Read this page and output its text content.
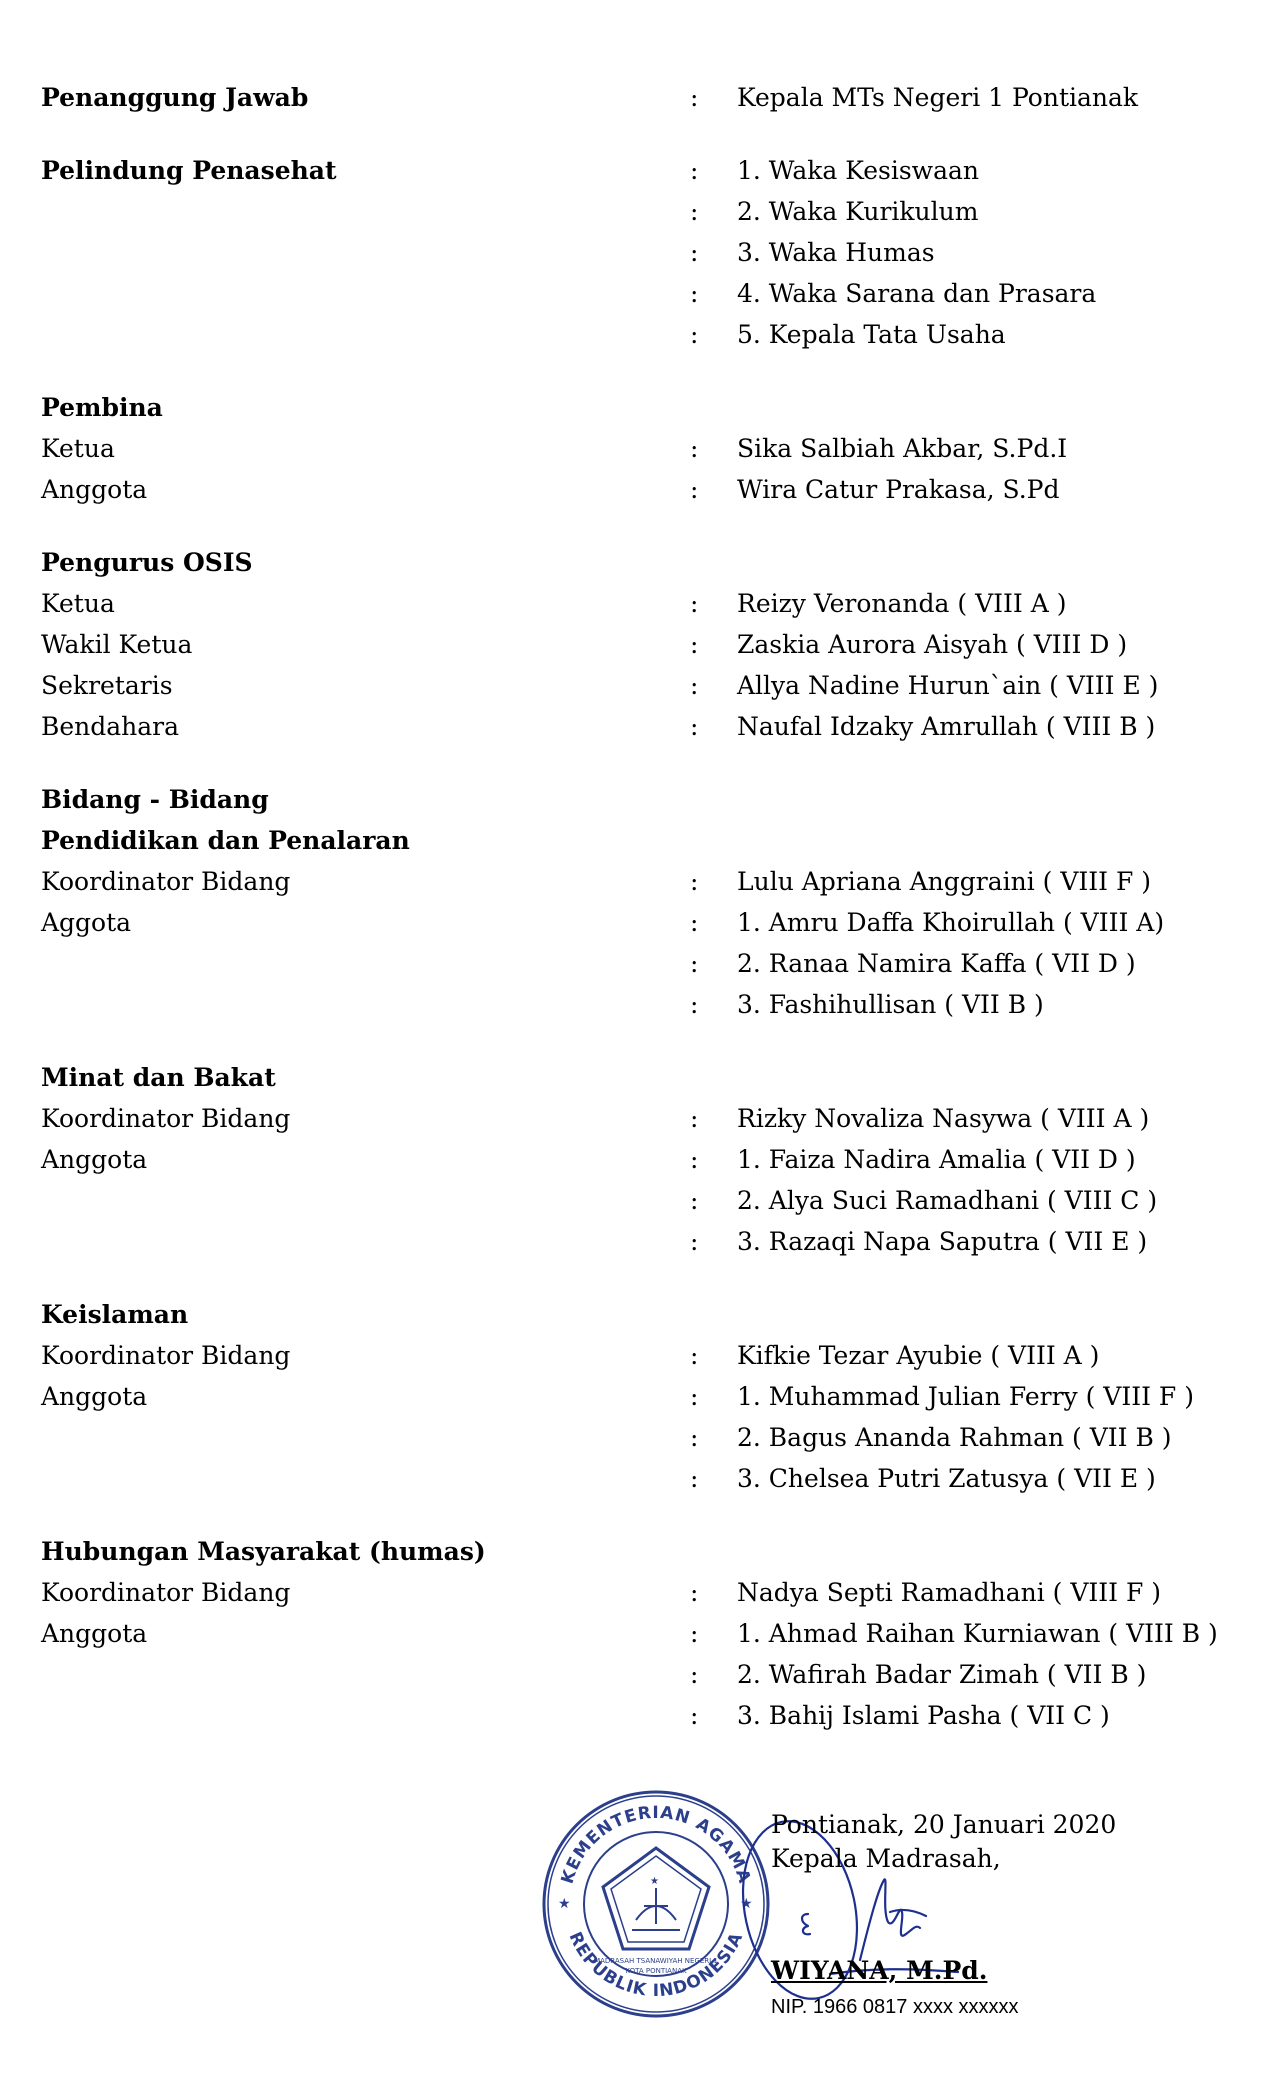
Penanggung Jawab	: Kepala MTs Negeri 1 Pontianak
Pelindung Penasehat	: 1. Waka Kesiswaan
: 2. Waka Kurikulum
: 3. Waka Humas
: 4. Waka Sarana dan Prasara
: 5. Kepala Tata Usaha
Pembina
Ketua	: Sika Salbiah Akbar, S.Pd.I
Anggota	: Wira Catur Prakasa, S.Pd
Pengurus OSIS
Ketua	: Reizy Veronanda ( VIII A )
Wakil Ketua	: Zaskia Aurora Aisyah ( VIII D )
Sekretaris	: Allya Nadine Hurun`ain ( VIII E )
Bendahara	: Naufal Idzaky Amrullah ( VIII B )
Bidang - Bidang
Pendidikan dan Penalaran
Koordinator Bidang	: Lulu Apriana Anggraini ( VIII F )
Aggota	: 1. Amru Daffa Khoirullah ( VIII A)
: 2. Ranaa Namira Kaffa ( VII D )
: 3. Fashihullisan ( VII B )
Minat dan Bakat
Koordinator Bidang	: Rizky Novaliza Nasywa ( VIII A )
Anggota	: 1. Faiza Nadira Amalia ( VII D )
: 2. Alya Suci Ramadhani ( VIII C )
: 3. Razaqi Napa Saputra ( VII E )
Keislaman
Koordinator Bidang	: Kifkie Tezar Ayubie ( VIII A )
Anggota	: 1. Muhammad Julian Ferry ( VIII F )
: 2. Bagus Ananda Rahman ( VII B )
: 3. Chelsea Putri Zatusya ( VII E )
Hubungan Masyarakat (humas)
Koordinator Bidang	: Nadya Septi Ramadhani ( VIII F )
Anggota	: 1. Ahmad Raihan Kurniawan ( VIII B )
: 2. Wafirah Badar Zimah ( VII B )
: 3. Bahij Islami Pasha ( VII C )
KEMENTERIAN AGAMA
REPUBLIK INDONESIA
MADRASAH TSANAWIYAH NEGERI 1
KOTA PONTIANAK
★	★
★
Pontianak, 20 Januari 2020
Kepala Madrasah,
WIYANA, M.Pd.
NIP. 1966 0817 xxxx xxxxxx
